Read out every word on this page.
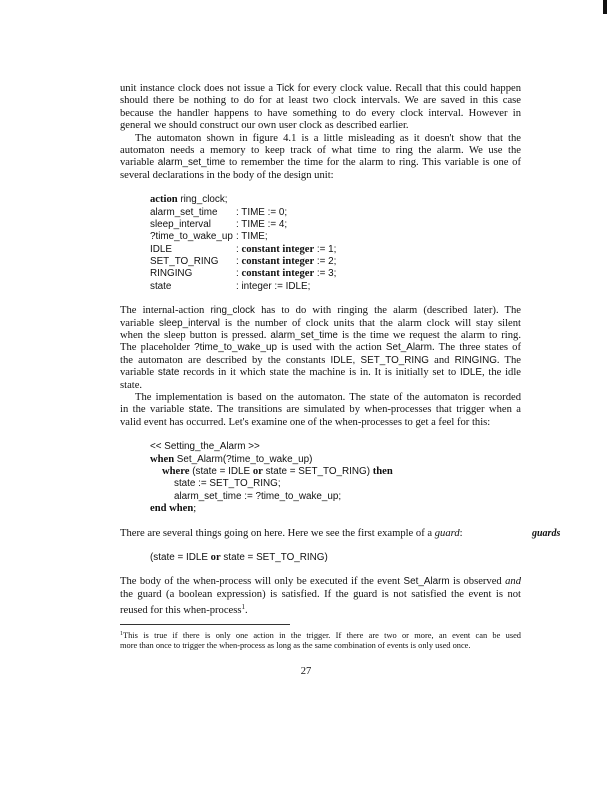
unit instance clock does not issue a Tick for every clock value. Recall that this could happen
should there be nothing to do for at least two clock intervals. We are saved in this case
because the handler happens to have something to do every clock interval. However in
general we should construct our own user clock as described earlier.
The automaton shown in figure 4.1 is a little misleading as it doesn't show that the
automaton needs a memory to keep track of what time to ring the alarm. We use the
variable alarm_set_time to remember the time for the alarm to ring. This variable is one of
several declarations in the body of the design unit:
action ring_clock;
alarm_set_time	: TIME := 0;
sleep_interval	: TIME := 4;
?time_to_wake_up : TIME;
IDLE	: constant integer := 1;
SET_TO_RING	: constant integer := 2;
RINGING	: constant integer := 3;
state	: integer := IDLE;
The internal-action ring_clock has to do with ringing the alarm (described later). The
variable sleep_interval is the number of clock units that the alarm clock will stay silent
when the sleep button is pressed. alarm_set_time is the time we request the alarm to ring.
The placeholder ?time_to_wake_up is used with the action Set_Alarm. The three states of
the automaton are described by the constants IDLE, SET_TO_RING and RINGING. The
variable state records in it which state the machine is in. It is initially set to IDLE, the idle
state.
The implementation is based on the automaton. The state of the automaton is recorded
in the variable state. The transitions are simulated by when-processes that trigger when a
valid event has occurred. Let's examine one of the when-processes to get a feel for this:
<< Setting_the_Alarm >>
when Set_Alarm(?time_to_wake_up)
where (state = IDLE or state = SET_TO_RING) then
state := SET_TO_RING;
alarm_set_time := ?time_to_wake_up;
end when;
guards
There are several things going on here. Here we see the first example of a guard:
(state = IDLE or state = SET_TO_RING)
The body of the when-process will only be executed if the event Set_Alarm is observed and
the guard (a boolean expression) is satisfied. If the guard is not satisfied the event is not
reused for this when-process$^1$.
$^1$This is true if there is only one action in the trigger. If there are two or more, an event can be used
more than once to trigger the when-process as long as the same combination of events is only used once.
27
